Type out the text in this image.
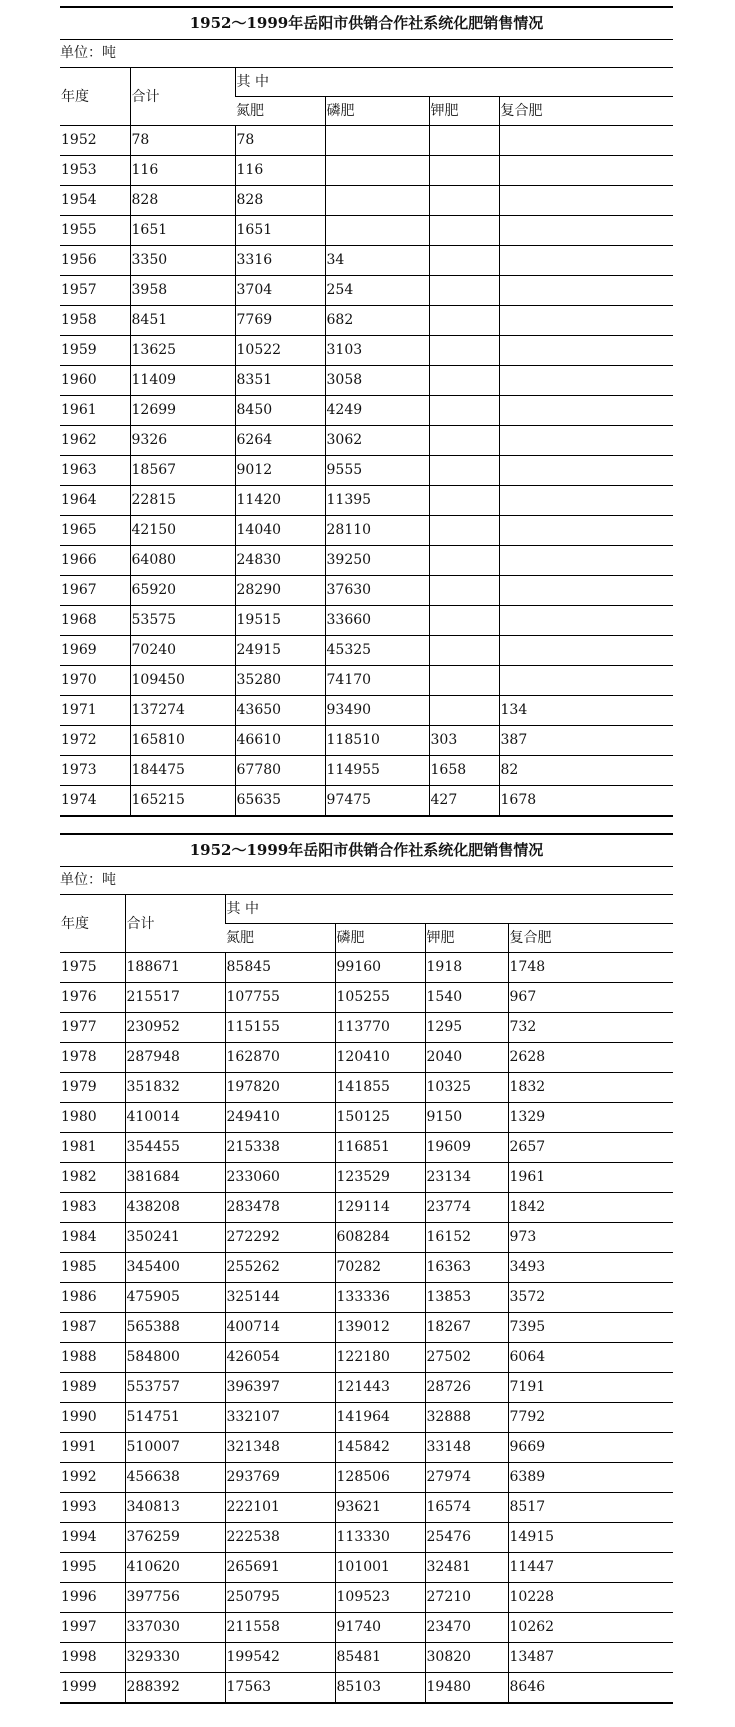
1952～1999年岳阳市供销合作社系统化肥销售情况
单位：吨
年度	合计	其 中			
		氮肥	磷肥	钾肥	复合肥
1952	78	78			
1953	116	116			
1954	828	828			
1955	1651	1651			
1956	3350	3316	34		
1957	3958	3704	254		
1958	8451	7769	682		
1959	13625	10522	3103		
1960	11409	8351	3058		
1961	12699	8450	4249		
1962	9326	6264	3062		
1963	18567	9012	9555		
1964	22815	11420	11395		
1965	42150	14040	28110		
1966	64080	24830	39250		
1967	65920	28290	37630		
1968	53575	19515	33660		
1969	70240	24915	45325		
1970	109450	35280	74170		
1971	137274	43650	93490		134
1972	165810	46610	118510	303	387
1973	184475	67780	114955	1658	82
1974	165215	65635	97475	427	1678
1952～1999年岳阳市供销合作社系统化肥销售情况
单位：吨
年度	合计	其 中			
		氮肥	磷肥	钾肥	复合肥
1975	188671	85845	99160	1918	1748
1976	215517	107755	105255	1540	967
1977	230952	115155	113770	1295	732
1978	287948	162870	120410	2040	2628
1979	351832	197820	141855	10325	1832
1980	410014	249410	150125	9150	1329
1981	354455	215338	116851	19609	2657
1982	381684	233060	123529	23134	1961
1983	438208	283478	129114	23774	1842
1984	350241	272292	608284	16152	973
1985	345400	255262	70282	16363	3493
1986	475905	325144	133336	13853	3572
1987	565388	400714	139012	18267	7395
1988	584800	426054	122180	27502	6064
1989	553757	396397	121443	28726	7191
1990	514751	332107	141964	32888	7792
1991	510007	321348	145842	33148	9669
1992	456638	293769	128506	27974	6389
1993	340813	222101	93621	16574	8517
1994	376259	222538	113330	25476	14915
1995	410620	265691	101001	32481	11447
1996	397756	250795	109523	27210	10228
1997	337030	211558	91740	23470	10262
1998	329330	199542	85481	30820	13487
1999	288392	17563	85103	19480	8646
